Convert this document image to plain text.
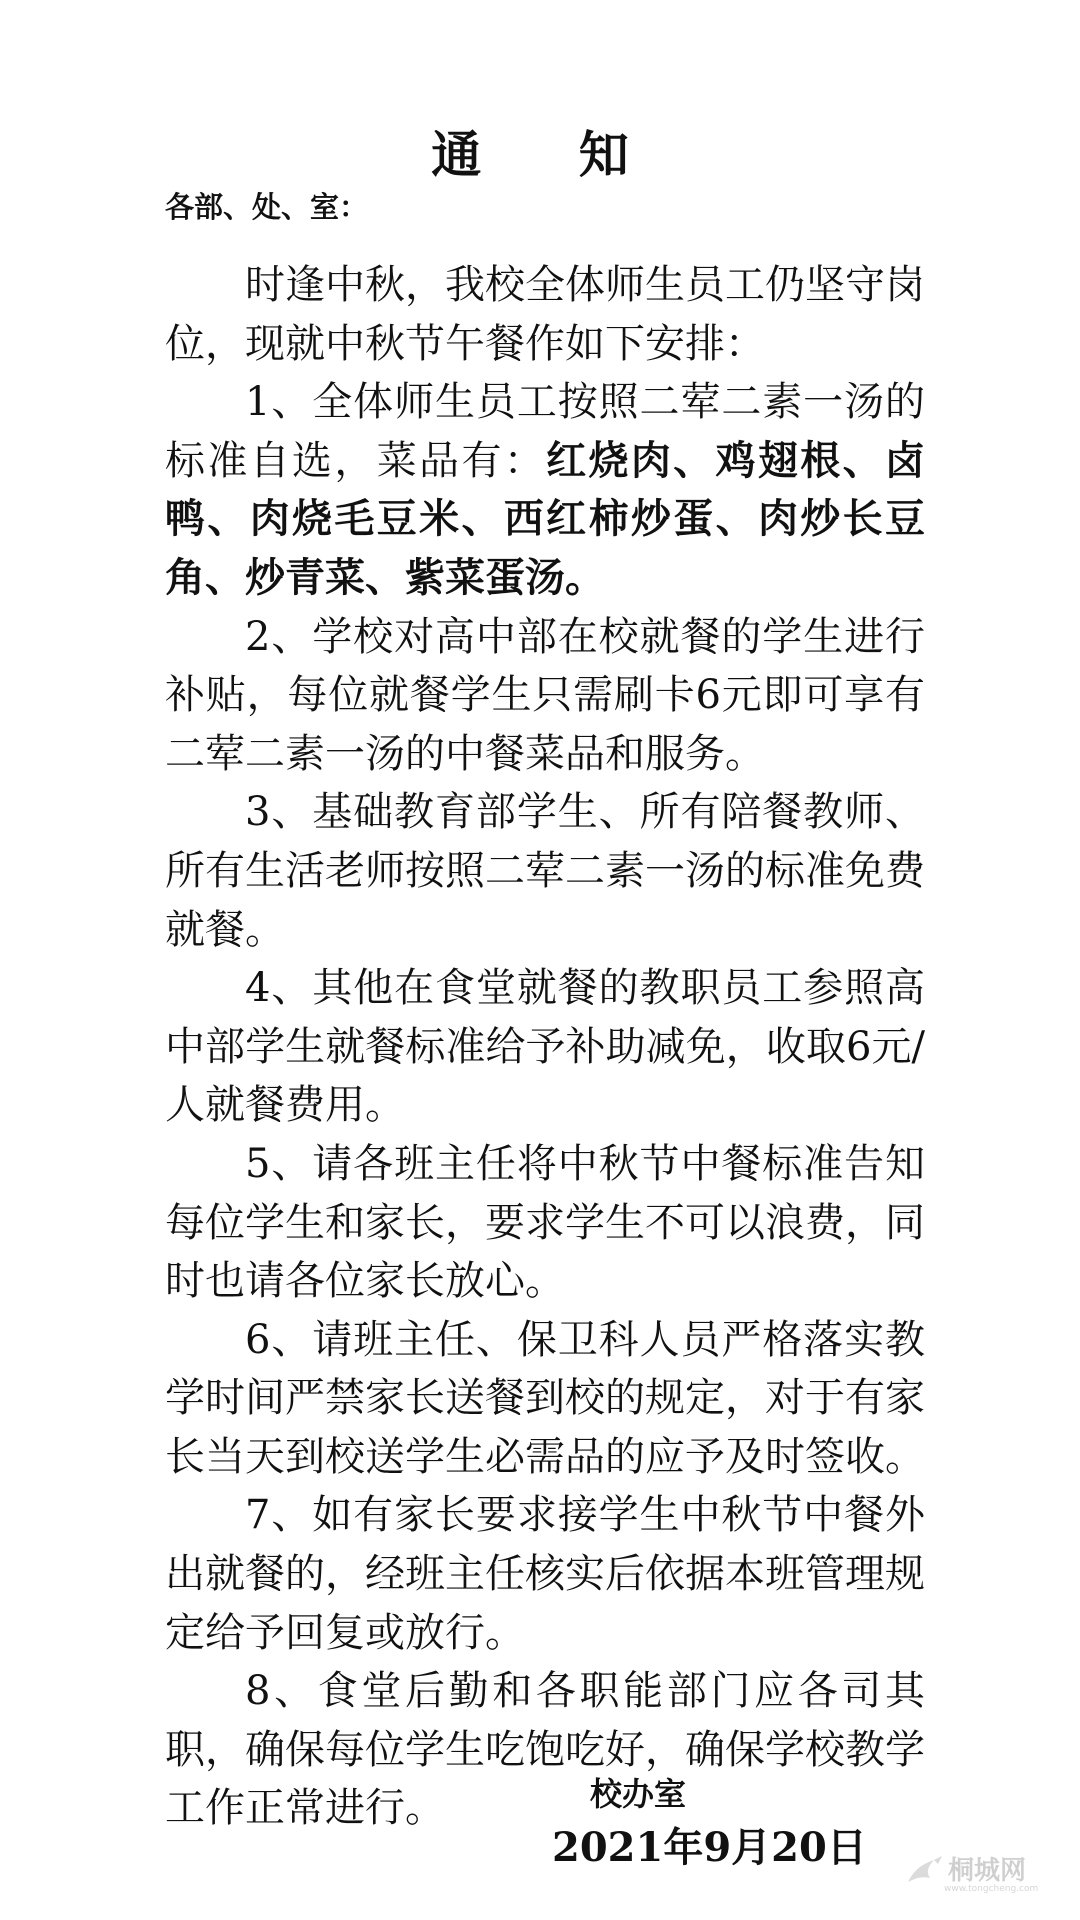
通 知
各部、处、室：

时逢中秋，我校全体师生员工仍坚守岗位，现就中秋节午餐作如下安排：

1、全体师生员工按照二荤二素一汤的标准自选，菜品有：红烧肉、鸡翅根、卤鸭、肉烧毛豆米、西红柿炒蛋、肉炒长豆角、炒青菜、紫菜蛋汤。

2、学校对高中部在校就餐的学生进行补贴，每位就餐学生只需刷卡6元即可享有二荤二素一汤的中餐菜品和服务。

3、基础教育部学生、所有陪餐教师、所有生活老师按照二荤二素一汤的标准免费就餐。

4、其他在食堂就餐的教职员工参照高中部学生就餐标准给予补助减免，收取6元/人就餐费用。

5、请各班主任将中秋节中餐标准告知每位学生和家长，要求学生不可以浪费，同时也请各位家长放心。

6、请班主任、保卫科人员严格落实教学时间严禁家长送餐到校的规定，对于有家长当天到校送学生必需品的应予及时签收。

7、如有家长要求接学生中秋节中餐外出就餐的，经班主任核实后依据本班管理规定给予回复或放行。

8、食堂后勤和各职能部门应各司其职，确保每位学生吃饱吃好，确保学校教学工作正常进行。	校办室
2021年9月20日	桐城网
www.tongcheng.com
